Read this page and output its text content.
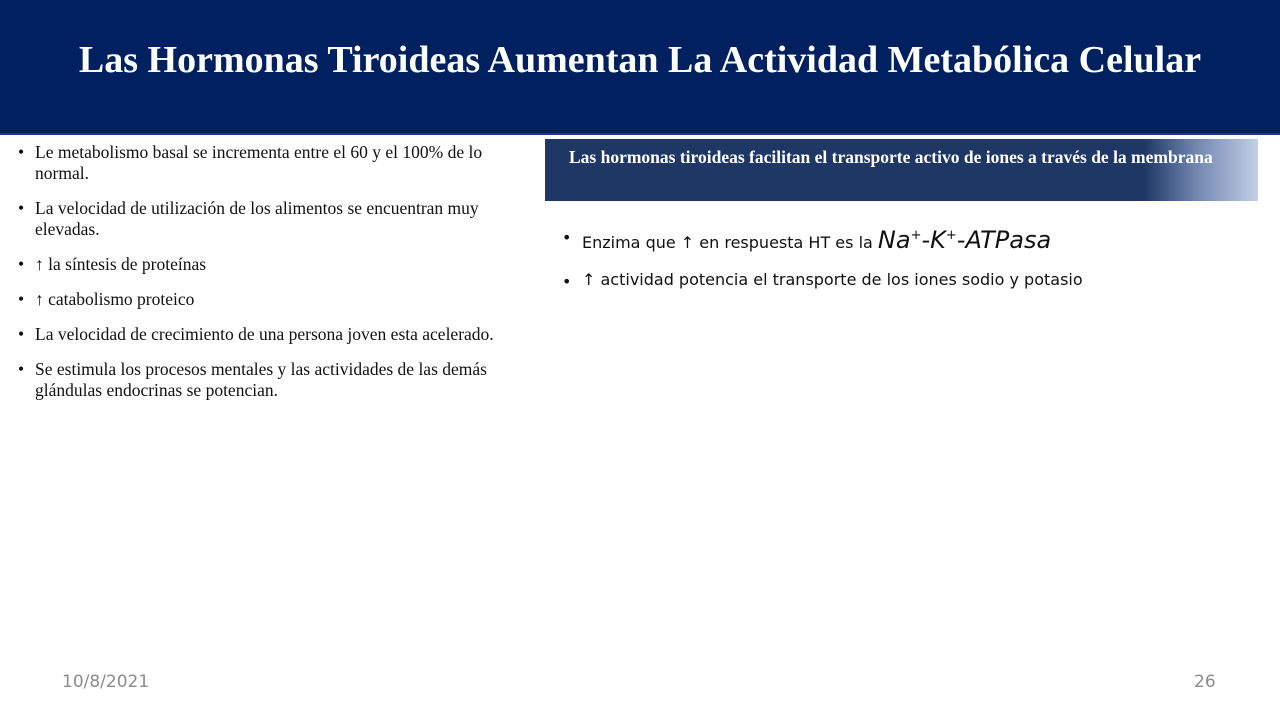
Las Hormonas Tiroideas Aumentan La Actividad Metabólica Celular
• Le metabolismo basal se incrementa entre el 60 y el 100% de lo normal.
• La velocidad de utilización de los alimentos se encuentran muy elevadas.
• ↑ la síntesis de proteínas
• ↑ catabolismo proteico
• La velocidad de crecimiento de una persona joven esta acelerado.
• Se estimula los procesos mentales y las actividades de las demás glándulas endocrinas se potencian.
Las hormonas tiroideas facilitan el transporte activo de iones a través de la membrana
• Enzima que ↑ en respuesta HT es la Na+-K+-ATPasa
• ↑ actividad potencia el transporte de los iones sodio y potasio
10/8/2021	26
